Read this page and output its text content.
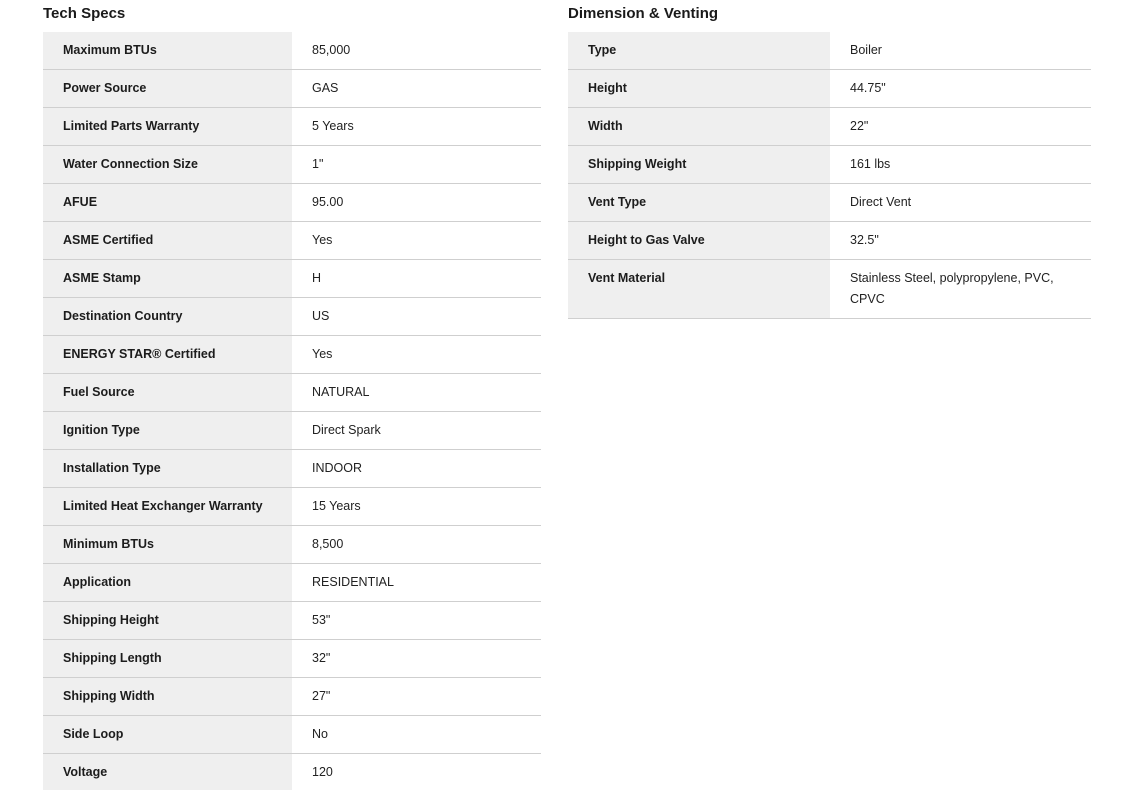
Tech Specs
Maximum BTUs	85,000

Power Source	GAS

Limited Parts Warranty	5 Years

Water Connection Size	1"

AFUE	95.00

ASME Certified	Yes

ASME Stamp	H

Destination Country	US

ENERGY STAR® Certified	Yes

Fuel Source	NATURAL

Ignition Type	Direct Spark

Installation Type	INDOOR

Limited Heat Exchanger Warranty	15 Years

Minimum BTUs	8,500

Application	RESIDENTIAL

Shipping Height	53"

Shipping Length	32"

Shipping Width	27"

Side Loop	No

Voltage	120
Dimension & Venting
Type	Boiler

Height	44.75"

Width	22"

Shipping Weight	161 lbs

Vent Type	Direct Vent

Height to Gas Valve	32.5"

Vent Material	Stainless Steel, polypropylene, PVC, CPVC
